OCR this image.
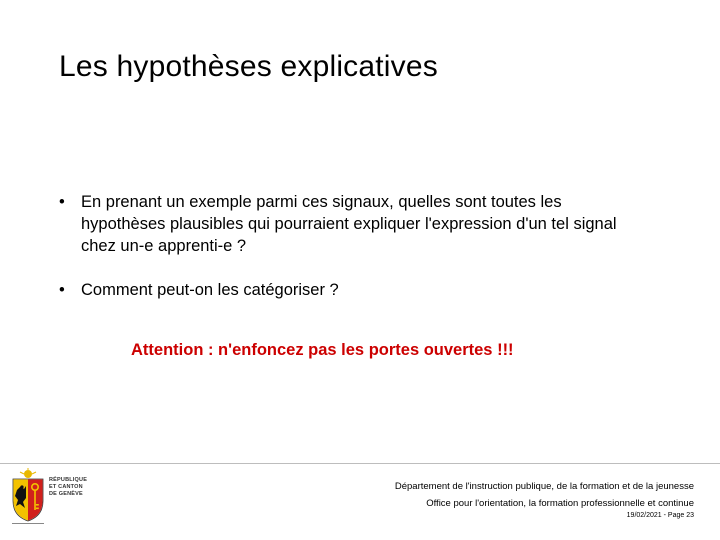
Les hypothèses explicatives
• En prenant un exemple parmi ces signaux, quelles sont toutes les hypothèses plausibles qui pourraient expliquer l'expression d'un tel signal chez un-e apprenti-e ?
• Comment peut-on les catégoriser ?
Attention : n'enfoncez pas les portes ouvertes !!!
RÉPUBLIQUE
ET CANTON
DE GENÈVE
Département de l'instruction publique, de la formation et de la jeunesse
Office pour l'orientation, la formation professionnelle et continue
19/02/2021 - Page 23
